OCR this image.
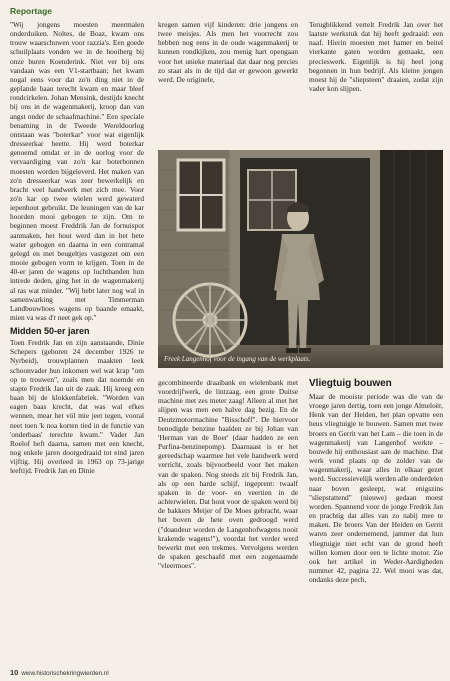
Reportage

"Wij jongens moesten meermalen onderduiken. Noltes, de Boaz, kwam ons trouw waarschuwen voor razzia's. Een goede schuilplaats vonden we in de hooiberg bij onze buren Koenderink. Niet ver bij ons vandaan was een V1-startbaan; het kwam nogal eens voor dat zo'n ding niet in de geplande baan terecht kwam en maar bleef rondcirkelen. Johan Mensink, destijds knecht bij ons in de wagenmakerij, kroop dan van angst onder de schaafmachine." Een speciale benaming in de Tweede Wereldoorlog ontstaan was "boterkar" voor wat eigenlijk dresseerkar heette. Hij werd boterkar genoemd omdat er in de oorlog voor de vervaardiging van zo'n kar boterbonnen moesten worden bijgeleverd. Het maken van zo'n dresseerkar was zeer bewerkelijk en bracht veel handwerk met zich mee. Voor zo'n kar op twee wielen werd gewaterd iepenhout gebruikt. De leuningen van de kar hoorden mooi gebogen te zijn. Om te beginnen moest Freddrik Jan de fornuispot aanmaken, het hout werd dan in het hete water gebogen en daarna in een contramal gelegd en met beugeltjes vastgezet om een mooie gebogen vorm te krijgen. Toen in de 40-er jaren de wagens op luchtbanden hun intrede deden, ging het in de wagenmakerij al ras wat minder. "Wij hebt later nog wal in samenwarking met Timmerman Landbouwhoes wagens op baande emaakt, mien va was d'r neet gek op."

Midden 50-er jaren

Toen Fredrik Jan en zijn aanstaande, Dinie Schepers (geboren 24 december 1926 te Nyrbeid), trouwplannen maakten leek schoonvader hun inkomen wel wat krap "om op te trouwen", zoals men dat noemde en stapte Fredrik Jan uit de zaak. Hij kreeg een baan bij de klokkenfabriek. "Worden van eagen baas krecht, dat was wal efkes wennen, mear het völ mie jeet tegen, vooral neet toen 'k noa korten tied in de functie van 'onderbaas' terechte kwam." Vader Jan Roelof heft daarna, samen met een knecht, nog enkele jaren doorgedraaid tot eind jaren vijftig. Hij overleed in 1963 op 73-jarige leeftijd. Fredrik Jan en Dinie

kregen samen vijf kinderen: drie jongens en twee meisjes. Als men het voorrecht zou hebben nog eens in de oude wagenmakerij te kunnen rondkijken, zou menig hart opengaan voor het unieke materiaal dat daar nog precies zo staat als in de tijd dat er gewoon gewerkt werd. De originele,

Terugblikkend vertelt Fredrik Jan over het laatste werkstuk dat hij heeft gedraaid: een naaf. Hierin moesten met hamer en beitel vierkante gaten worden gemaakt, een precieswerk. Eigenlijk is hij heel jong begonnen in hun bedrijf. Als kleine jongen moest hij de "sliepsteen" draaien, zodat zijn vader kon slijpen.

Freek Langenhof voor de ingang van de werkplaats.

gecombineerde draaibank en wielenbank met voordrijfwerk, de lintzaag, een grote Duitse machine met zes meter zaag! Alleen al met het slijpen was men een halve dag bezig. En de Deutzmotormachine "Bisschoff". De hiervoor benodigde benzine haalden ze bij Johan van 'Herman van de Boer' (daar hadden ze een Purfina-benzinepomp). Daarnaast is er het gereedschap waarmee het vele handwerk werd verricht, zoals bijvoorbeeld voor het maken van de spaken. Nog steeds zit bij Fredrik Jan, als op een harde schijf, ingeprent: twaalf spaken in de voor- en veertien in de achterwielen. Dat hout voor de spaken werd bij de bakkers Meijer of De Moes gebracht, waar het boven de hete oven gedroogd werd ("doandeur worden de Langenhofwagens nooit krakende wagens!"), voordat het verder werd bewerkt met een trekmes. Vervolgens werden de spaken geschaafd met een zogenaamde "vleermoes".

Vliegtuig bouwen

Maar de mooiste periode was die van de vroege jaren dertig, toen een jonge Almeloër, Henk van der Heiden, het plan opvatte een heus vliegtuigje te bouwen. Samen met twee broers en Gerrit van het Lam – die toen in de wagenmakerij van Langenhof werkte – bouwde hij enthousiast aan de machine. Dat werk vond plaats op de zolder van de wagenmakerij, waar alles in elkaar gezet werd. Successievelijk werden alle onderdelen naar boven gesleept, wat enigszins "sliepstattend" (nieuwe) gedaan moest worden. Spannend voor de jonge Fredrik Jan en prachtig dat alles van zo nabij mee te maken. De broers Van der Heiden en Gerrit waren zeer ondernemend, jammer dat hun vliegtuigje niet echt van de grond heeft willen komen door een te lichte motor. Zie ook het artikel in Weder-Aardigheden nummer 42, pagina 22. Wel mooi was dat, ondanks deze pech,

10 www.historischekringwierden.nl
